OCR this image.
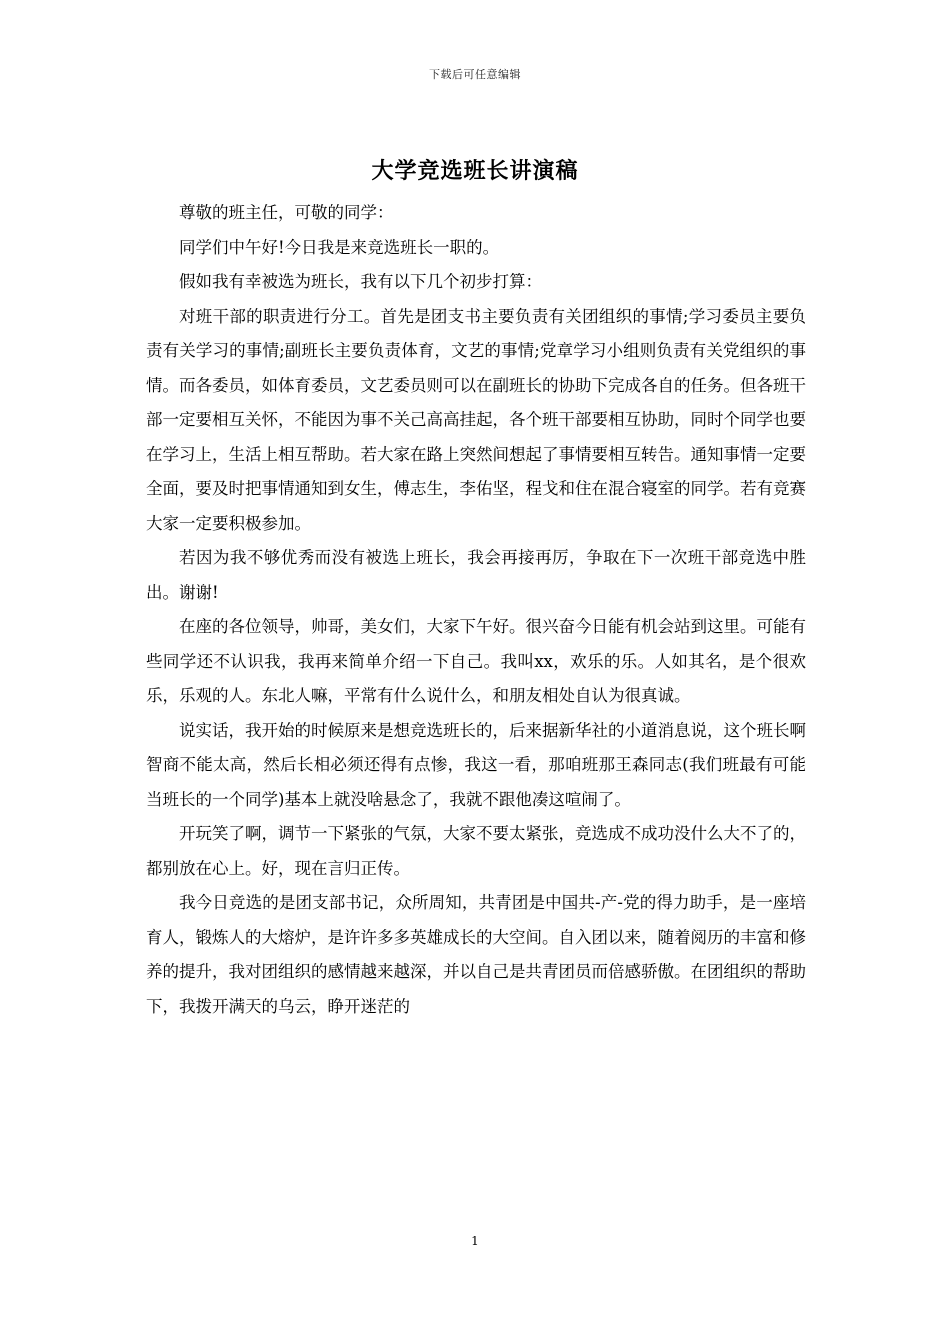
下载后可任意编辑
大学竞选班长讲演稿

尊敬的班主任，可敬的同学：

同学们中午好!今日我是来竞选班长一职的。

假如我有幸被选为班长，我有以下几个初步打算：

对班干部的职责进行分工。首先是团支书主要负责有关团组织的事情;学习委员主要负责有关学习的事情;副班长主要负责体育，文艺的事情;党章学习小组则负责有关党组织的事情。而各委员，如体育委员，文艺委员则可以在副班长的协助下完成各自的任务。但各班干部一定要相互关怀，不能因为事不关己高高挂起，各个班干部要相互协助，同时个同学也要在学习上，生活上相互帮助。若大家在路上突然间想起了事情要相互转告。通知事情一定要全面，要及时把事情通知到女生，傅志生，李佑坚，程戈和住在混合寝室的同学。若有竞赛大家一定要积极参加。

若因为我不够优秀而没有被选上班长，我会再接再厉，争取在下一次班干部竞选中胜出。谢谢!

在座的各位领导，帅哥，美女们，大家下午好。很兴奋今日能有机会站到这里。可能有些同学还不认识我，我再来简单介绍一下自己。我叫xx，欢乐的乐。人如其名，是个很欢乐，乐观的人。东北人嘛，平常有什么说什么，和朋友相处自认为很真诚。

说实话，我开始的时候原来是想竞选班长的，后来据新华社的小道消息说，这个班长啊智商不能太高，然后长相必须还得有点惨，我这一看，那咱班那王森同志(我们班最有可能当班长的一个同学)基本上就没啥悬念了，我就不跟他凑这喧闹了。

开玩笑了啊，调节一下紧张的气氛，大家不要太紧张，竞选成不成功没什么大不了的，都别放在心上。好，现在言归正传。

我今日竞选的是团支部书记，众所周知，共青团是中国共-产-党的得力助手，是一座培育人，锻炼人的大熔炉，是许许多多英雄成长的大空间。自入团以来，随着阅历的丰富和修养的提升，我对团组织的感情越来越深，并以自己是共青团员而倍感骄傲。在团组织的帮助下，我拨开满天的乌云，睁开迷茫的

1
